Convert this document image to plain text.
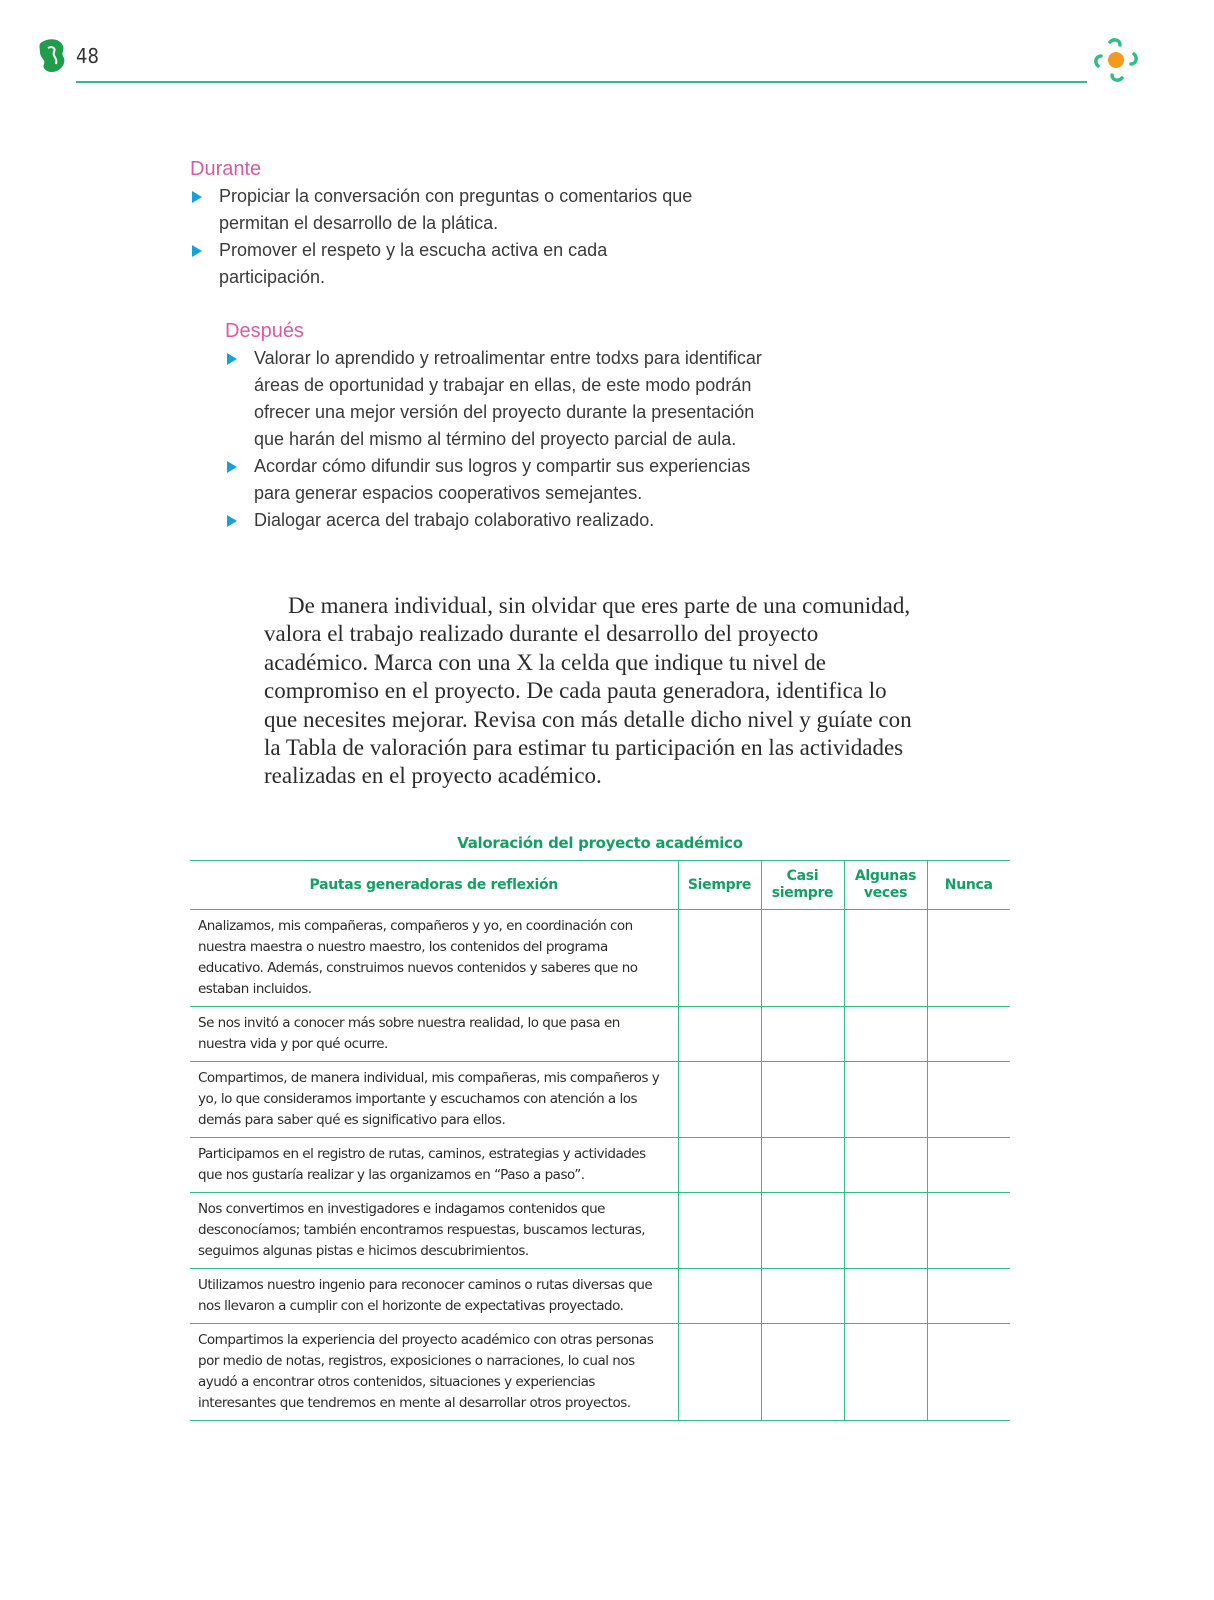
48
Durante
Propiciar la conversación con preguntas o comentarios que permitan el desarrollo de la plática.
Promover el respeto y la escucha activa en cada participación.
Después
Valorar lo aprendido y retroalimentar entre todxs para identificar áreas de oportunidad y trabajar en ellas, de este modo podrán ofrecer una mejor versión del proyecto durante la presentación que harán del mismo al término del proyecto parcial de aula.
Acordar cómo difundir sus logros y compartir sus experiencias para generar espacios cooperativos semejantes.
Dialogar acerca del trabajo colaborativo realizado.

De manera individual, sin olvidar que eres parte de una comunidad, valora el trabajo realizado durante el desarrollo del proyecto académico. Marca con una X la celda que indique tu nivel de compromiso en el proyecto. De cada pauta generadora, identifica lo que necesites mejorar. Revisa con más detalle dicho nivel y guíate con la Tabla de valoración para estimar tu participación en las actividades realizadas en el proyecto académico.

Valoración del proyecto académico
Pautas generadoras de reflexión	Siempre	Casi siempre	Algunas veces	Nunca
Analizamos, mis compañeras, compañeros y yo, en coordinación con nuestra maestra o nuestro maestro, los contenidos del programa educativo. Además, construimos nuevos contenidos y saberes que no estaban incluidos.				
Se nos invitó a conocer más sobre nuestra realidad, lo que pasa en nuestra vida y por qué ocurre.				
Compartimos, de manera individual, mis compañeras, mis compañeros y yo, lo que consideramos importante y escuchamos con atención a los demás para saber qué es significativo para ellos.				
Participamos en el registro de rutas, caminos, estrategias y actividades que nos gustaría realizar y las organizamos en “Paso a paso”.				
Nos convertimos en investigadores e indagamos contenidos que desconocíamos; también encontramos respuestas, buscamos lecturas, seguimos algunas pistas e hicimos descubrimientos.				
Utilizamos nuestro ingenio para reconocer caminos o rutas diversas que nos llevaron a cumplir con el horizonte de expectativas proyectado.				
Compartimos la experiencia del proyecto académico con otras personas por medio de notas, registros, exposiciones o narraciones, lo cual nos ayudó a encontrar otros contenidos, situaciones y experiencias interesantes que tendremos en mente al desarrollar otros proyectos.				
